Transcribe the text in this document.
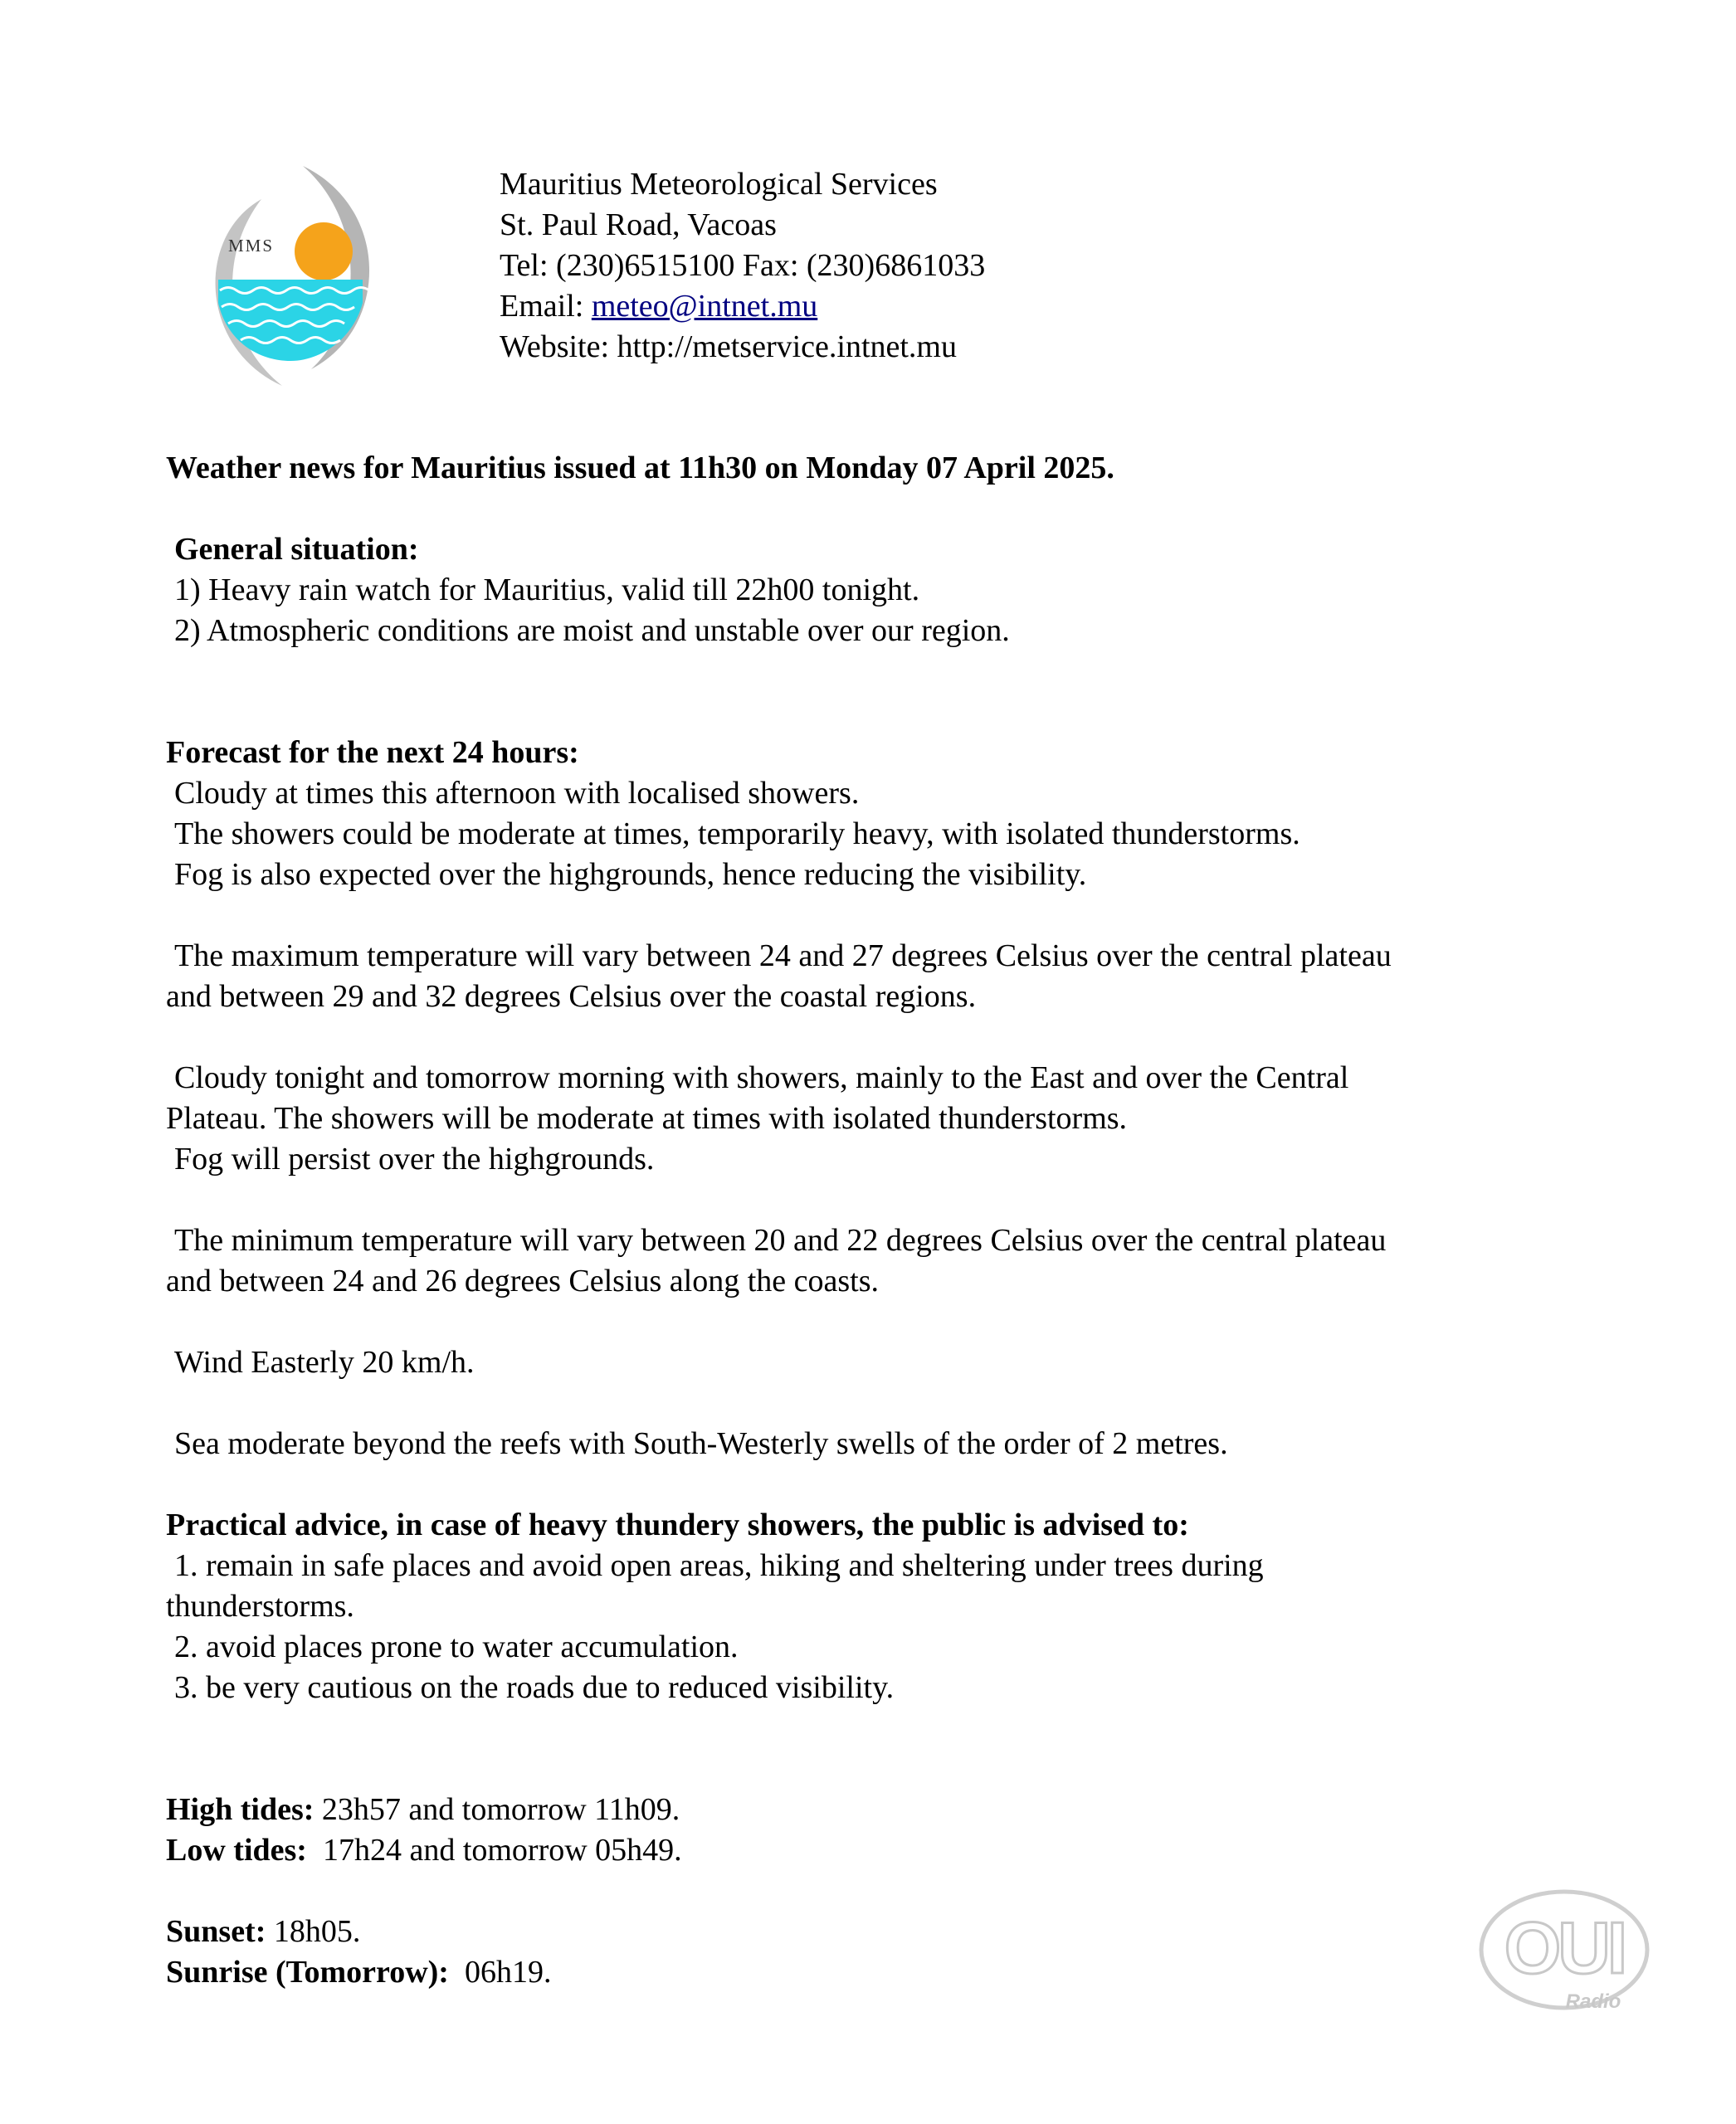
MMS
Mauritius Meteorological Services
St. Paul Road, Vacoas
Tel: (230)6515100 Fax: (230)6861033
Email: meteo@intnet.mu
Website: http://metservice.intnet.mu
Weather news for Mauritius issued at 11h30 on Monday 07 April 2025.
General situation:
1) Heavy rain watch for Mauritius, valid till 22h00 tonight.
2) Atmospheric conditions are moist and unstable over our region.
Forecast for the next 24 hours:
Cloudy at times this afternoon with localised showers.
The showers could be moderate at times, temporarily heavy, with isolated thunderstorms.
Fog is also expected over the highgrounds, hence reducing the visibility.
The maximum temperature will vary between 24 and 27 degrees Celsius over the central plateau
and between 29 and 32 degrees Celsius over the coastal regions.
Cloudy tonight and tomorrow morning with showers, mainly to the East and over the Central
Plateau. The showers will be moderate at times with isolated thunderstorms.
Fog will persist over the highgrounds.
The minimum temperature will vary between 20 and 22 degrees Celsius over the central plateau
and between 24 and 26 degrees Celsius along the coasts.
Wind Easterly 20 km/h.
Sea moderate beyond the reefs with South-Westerly swells of the order of 2 metres.
Practical advice, in case of heavy thundery showers, the public is advised to:
1. remain in safe places and avoid open areas, hiking and sheltering under trees during
thunderstorms.
2. avoid places prone to water accumulation.
3. be very cautious on the roads due to reduced visibility.
High tides: 23h57 and tomorrow 11h09.
Low tides:  17h24 and tomorrow 05h49.
Sunset: 18h05.
Sunrise (Tomorrow):  06h19.	OUI
Radio
